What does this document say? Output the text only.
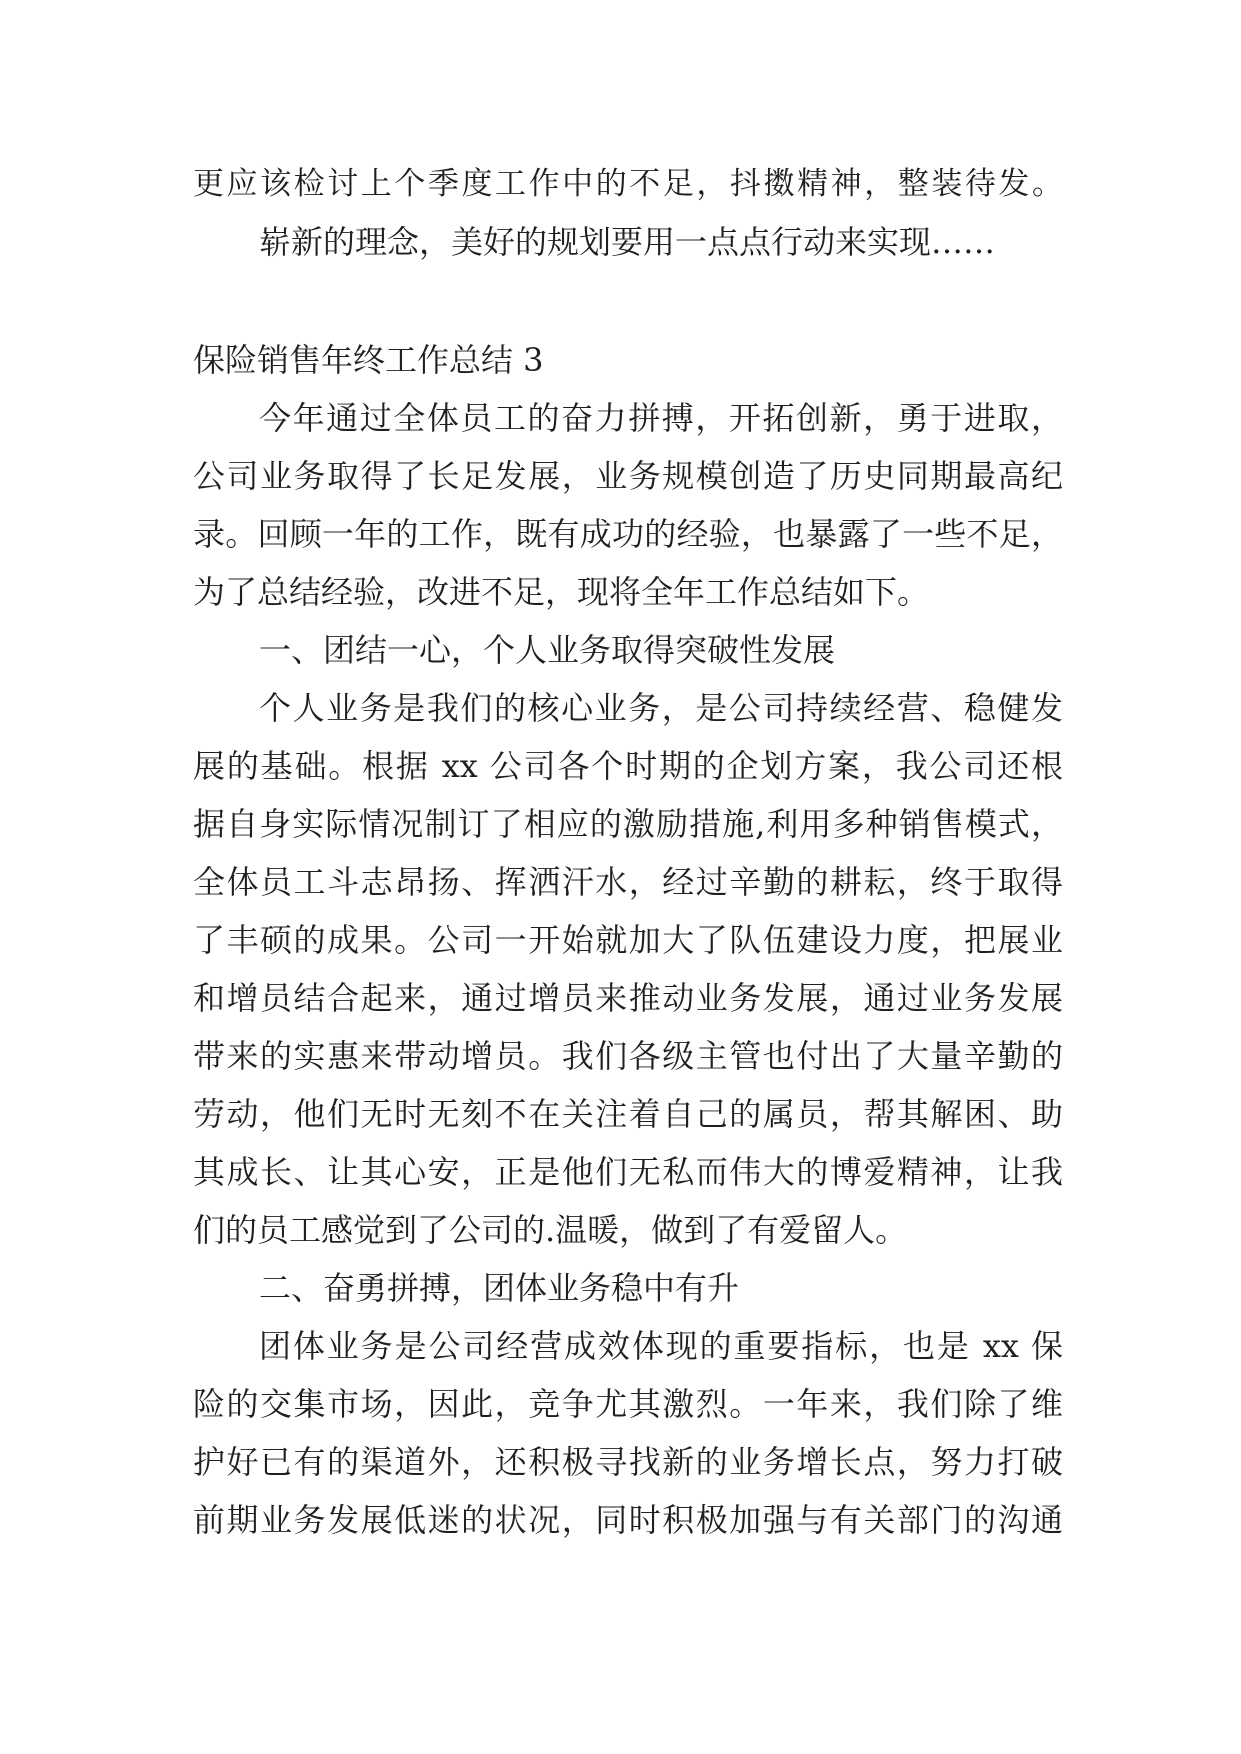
更应该检讨上个季度工作中的不足，抖擞精神，整装待发。
崭新的理念，美好的规划要用一点点行动来实现……
保险销售年终工作总结 3
今年通过全体员工的奋力拼搏，开拓创新，勇于进取，
公司业务取得了长足发展，业务规模创造了历史同期最高纪
录。回顾一年的工作，既有成功的经验，也暴露了一些不足，
为了总结经验，改进不足，现将全年工作总结如下。
一、团结一心，个人业务取得突破性发展
个人业务是我们的核心业务，是公司持续经营、稳健发
展的基础。根据 xx 公司各个时期的企划方案，我公司还根
据自身实际情况制订了相应的激励措施,利用多种销售模式，
全体员工斗志昂扬、挥洒汗水，经过辛勤的耕耘，终于取得
了丰硕的成果。公司一开始就加大了队伍建设力度，把展业
和增员结合起来，通过增员来推动业务发展，通过业务发展
带来的实惠来带动增员。我们各级主管也付出了大量辛勤的
劳动，他们无时无刻不在关注着自己的属员，帮其解困、助
其成长、让其心安，正是他们无私而伟大的博爱精神，让我
们的员工感觉到了公司的.温暖，做到了有爱留人。
二、奋勇拼搏，团体业务稳中有升
团体业务是公司经营成效体现的重要指标，也是 xx 保
险的交集市场，因此，竞争尤其激烈。一年来，我们除了维
护好已有的渠道外，还积极寻找新的业务增长点，努力打破
前期业务发展低迷的状况，同时积极加强与有关部门的沟通
